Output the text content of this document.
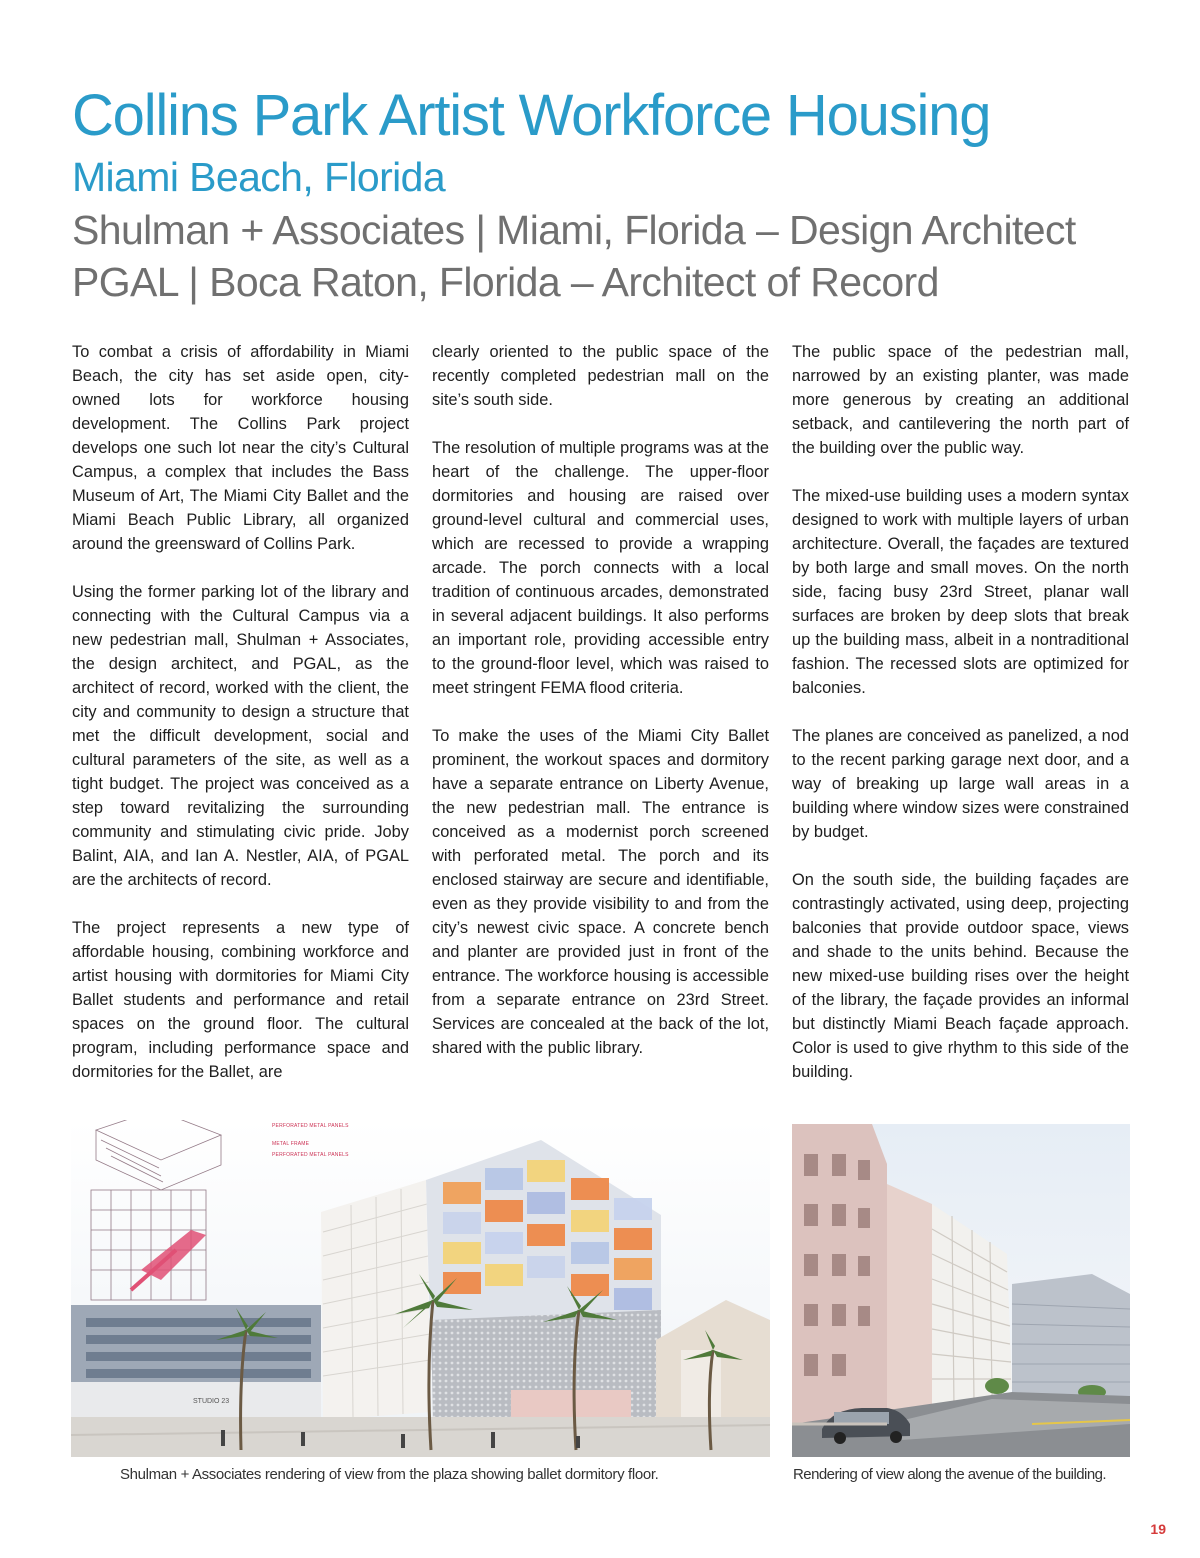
Collins Park Artist Workforce Housing
Miami Beach, Florida
Shulman + Associates | Miami, Florida – Design Architect
PGAL | Boca Raton, Florida – Architect of Record

To combat a crisis of affordability in Miami Beach, the city has set aside open, city-owned lots for workforce housing development. The Collins Park project develops one such lot near the city’s Cultural Campus, a complex that includes the Bass Museum of Art, The Miami City Ballet and the Miami Beach Public Library, all organized around the greensward of Collins Park.

Using the former parking lot of the library and connecting with the Cultural Campus via a new pedestrian mall, Shulman + Associates, the design architect, and PGAL, as the architect of record, worked with the client, the city and community to design a structure that met the difficult development, social and cultural parameters of the site, as well as a tight budget. The project was conceived as a step toward revitalizing the surrounding community and stimulating civic pride. Joby Balint, AIA, and Ian A. Nestler, AIA, of PGAL are the architects of record.

The project represents a new type of affordable housing, combining workforce and artist housing with dormitories for Miami City Ballet students and performance and retail spaces on the ground floor. The cultural program, including performance space and dormitories for the Ballet, are

clearly oriented to the public space of the recently completed pedestrian mall on the site’s south side.

The resolution of multiple programs was at the heart of the challenge. The upper-floor dormitories and housing are raised over ground-level cultural and commercial uses, which are recessed to provide a wrapping arcade. The porch connects with a local tradition of continuous arcades, demonstrated in several adjacent buildings. It also performs an important role, providing accessible entry to the ground-floor level, which was raised to meet stringent FEMA flood criteria.

To make the uses of the Miami City Ballet prominent, the workout spaces and dormitory have a separate entrance on Liberty Avenue, the new pedestrian mall. The entrance is conceived as a modernist porch screened with perforated metal. The porch and its enclosed stairway are secure and identifiable, even as they provide visibility to and from the city’s newest civic space. A concrete bench and planter are provided just in front of the entrance. The workforce housing is accessible from a separate entrance on 23rd Street. Services are concealed at the back of the lot, shared with the public library.

The public space of the pedestrian mall, narrowed by an existing planter, was made more generous by creating an additional setback, and cantilevering the north part of the building over the public way.

The mixed-use building uses a modern syntax designed to work with multiple layers of urban architecture. Overall, the façades are textured by both large and small moves. On the north side, facing busy 23rd Street, planar wall surfaces are broken by deep slots that break up the building mass, albeit in a nontraditional fashion. The recessed slots are optimized for balconies.

The planes are conceived as panelized, a nod to the recent parking garage next door, and a way of breaking up large wall areas in a building where window sizes were constrained by budget.

On the south side, the building façades are contrastingly activated, using deep, projecting balconies that provide outdoor space, views and shade to the units behind. Because the new mixed-use building rises over the height of the library, the façade provides an informal but distinctly Miami Beach façade approach. Color is used to give rhythm to this side of the building.

STUDIO 23
PERFORATED METAL PANELS
METAL FRAME
PERFORATED METAL PANELS
Shulman + Associates rendering of view from the plaza showing ballet dormitory floor.	Rendering of view along the avenue of the building.
19
